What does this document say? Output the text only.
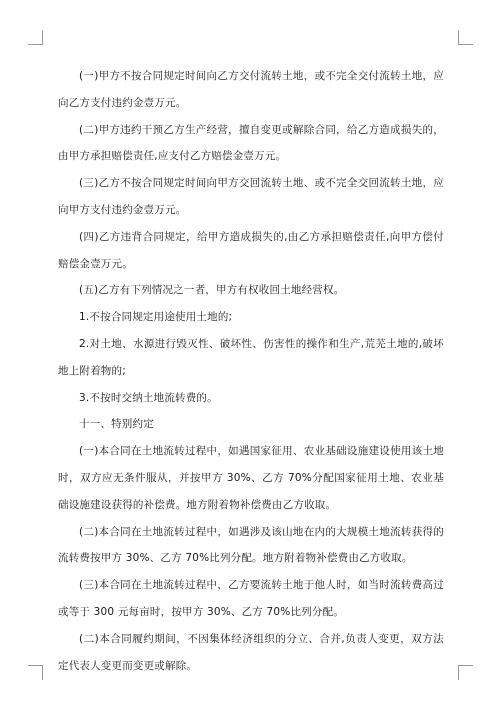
(一)甲方不按合同规定时间向乙方交付流转土地，或不完全交付流转土地，应向乙方支付违约金壹万元。

(二)甲方违约干预乙方生产经营，擅自变更或解除合同，给乙方造成损失的，由甲方承担赔偿责任,应支付乙方赔偿金壹万元。

(三)乙方不按合同规定时间向甲方交回流转土地、或不完全交回流转土地，应向甲方支付违约金壹万元。

(四)乙方违背合同规定，给甲方造成损失的,由乙方承担赔偿责任,向甲方偿付赔偿金壹万元。

(五)乙方有下列情况之一者，甲方有权收回土地经营权。

1.不按合同规定用途使用土地的;

2.对土地、水源进行毁灭性、破坏性、伤害性的操作和生产,荒芜土地的,破坏地上附着物的;

3.不按时交纳土地流转费的。

十一、特别约定

(一)本合同在土地流转过程中，如遇国家征用、农业基础设施建设使用该土地时，双方应无条件服从，并按甲方 30%、乙方 70%分配国家征用土地、农业基础设施建设获得的补偿费。地方附着物补偿费由乙方收取。

(二)本合同在土地流转过程中，如遇涉及该山地在内的大规模土地流转获得的流转费按甲方 30%、乙方 70%比列分配。地方附着物补偿费由乙方收取。

(三)本合同在土地流转过程中，乙方要流转土地于他人时，如当时流转费高过或等于 300 元每亩时，按甲方 30%、乙方 70%比列分配。

(二)本合同履约期间，不因集体经济组织的分立、合并,负责人变更，双方法定代表人变更而变更或解除。
